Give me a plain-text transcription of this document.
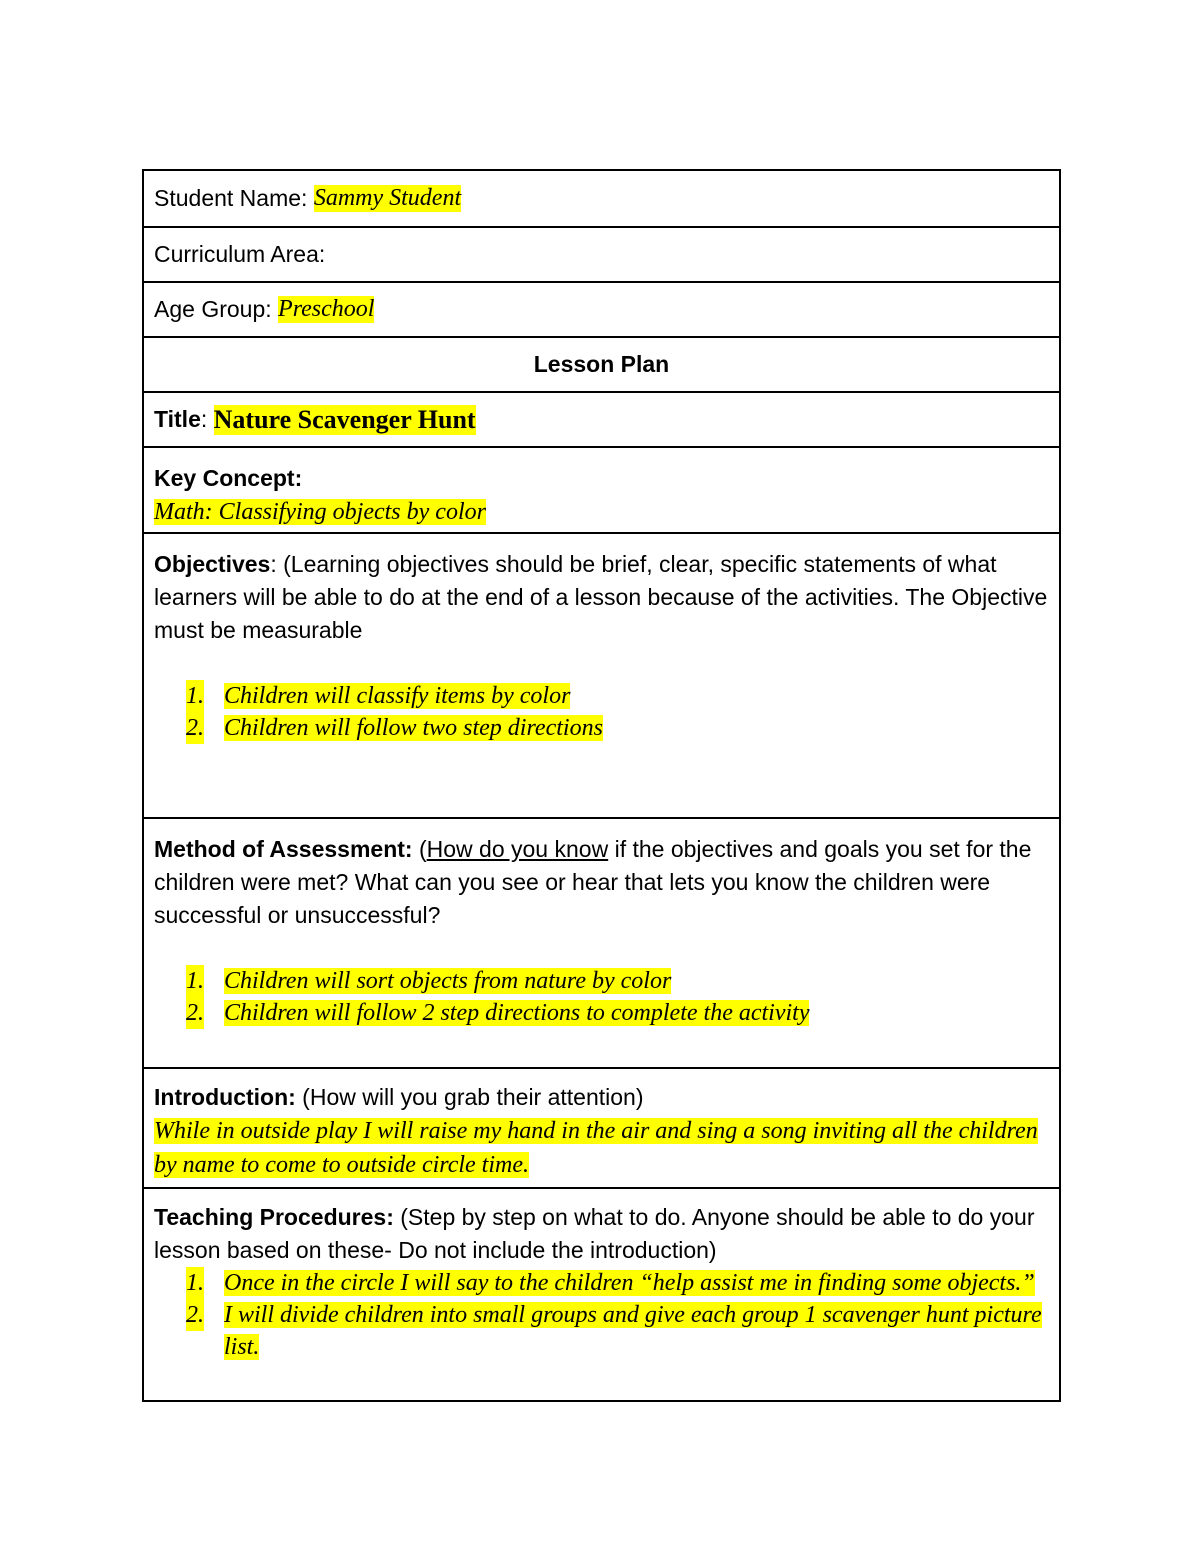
Student Name: Sammy Student
Curriculum Area:
Age Group: Preschool
Lesson Plan
Title : Nature Scavenger Hunt
Key Concept:
Math: Classifying objects by color

Objectives: (Learning objectives should be brief, clear, specific statements of what learners will be able to do at the end of a lesson because of the activities. The Objective must be measurable

1. Children will classify items by color
2. Children will follow two step directions

Method of Assessment: (How do you know if the objectives and goals you set for the children were met? What can you see or hear that lets you know the children were successful or unsuccessful?

1. Children will sort objects from nature by color
2. Children will follow 2 step directions to complete the activity

Introduction: (How will you grab their attention)

While in outside play I will raise my hand in the air and sing a song inviting all the children by name to come to outside circle time.

Teaching Procedures: (Step by step on what to do. Anyone should be able to do your lesson based on these- Do not include the introduction)

1. Once in the circle I will say to the children “help assist me in finding some objects.”
2. I will divide children into small groups and give each group 1 scavenger hunt picture list.
